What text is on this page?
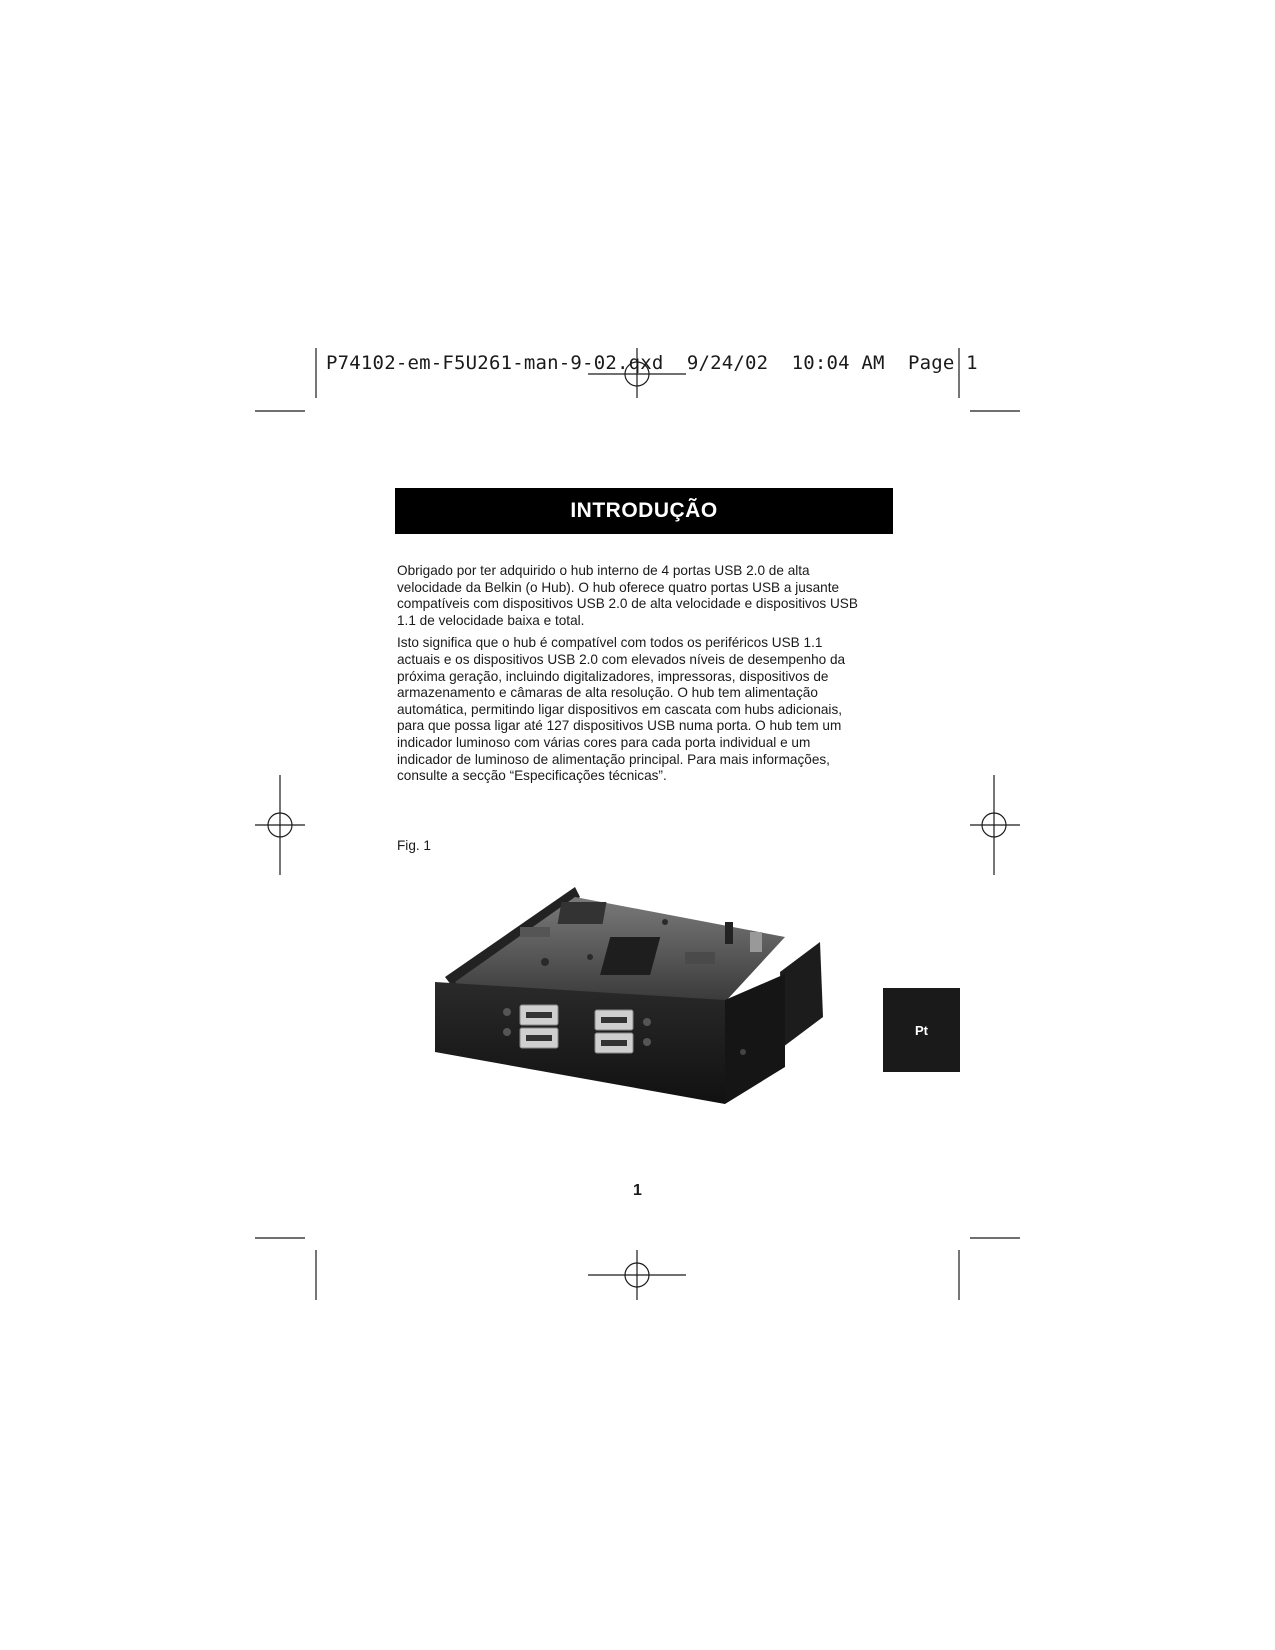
P74102-em-F5U261-man-9-02.qxd 9/24/02 10:04 AM Page 1
INTRODUÇÃO

Obrigado por ter adquirido o hub interno de 4 portas USB 2.0 de alta velocidade da Belkin (o Hub). O hub oferece quatro portas USB a jusante compatíveis com dispositivos USB 2.0 de alta velocidade e dispositivos USB 1.1 de velocidade baixa e total.

Isto significa que o hub é compatível com todos os periféricos USB 1.1 actuais e os dispositivos USB 2.0 com elevados níveis de desempenho da próxima geração, incluindo digitalizadores, impressoras, dispositivos de armazenamento e câmaras de alta resolução. O hub tem alimentação automática, permitindo ligar dispositivos em cascata com hubs adicionais, para que possa ligar até 127 dispositivos USB numa porta. O hub tem um indicador luminoso com várias cores para cada porta individual e um indicador de luminoso de alimentação principal. Para mais informações, consulte a secção “Especificações técnicas”.

Fig. 1
1
Pt
